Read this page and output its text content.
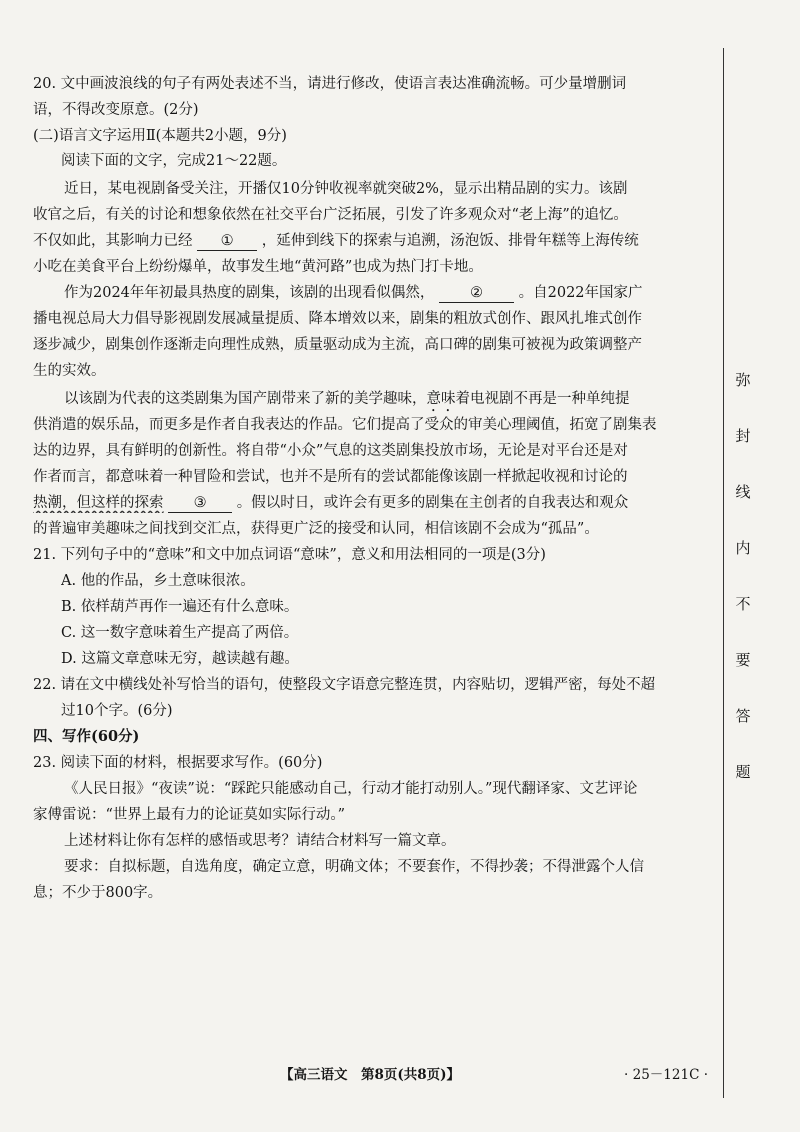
20. 文中画波浪线的句子有两处表述不当，请进行修改，使语言表达准确流畅。可少量增删词
语，不得改变原意。(2分)
(二)语言文字运用Ⅱ(本题共2小题，9分)
阅读下面的文字，完成21～22题。
近日，某电视剧备受关注，开播仅10分钟收视率就突破2%，显示出精品剧的实力。该剧
收官之后，有关的讨论和想象依然在社交平台广泛拓展，引发了许多观众对“老上海”的追忆。
不仅如此，其影响力已经 ① ，延伸到线下的探索与追溯，汤泡饭、排骨年糕等上海传统
小吃在美食平台上纷纷爆单，故事发生地“黄河路”也成为热门打卡地。
作为2024年年初最具热度的剧集，该剧的出现看似偶然， ② 。自2022年国家广
播电视总局大力倡导影视剧发展减量提质、降本增效以来，剧集的粗放式创作、跟风扎堆式创作
逐步减少，剧集创作逐渐走向理性成熟，质量驱动成为主流，高口碑的剧集可被视为政策调整产
生的实效。
以该剧为代表的这类剧集为国产剧带来了新的美学趣味，意味着电视剧不再是一种单纯提
供消遣的娱乐品，而更多是作者自我表达的作品。它们提高了受众的审美心理阈值，拓宽了剧集表
达的边界，具有鲜明的创新性。将自带“小众”气息的这类剧集投放市场，无论是对平台还是对
作者而言，都意味着一种冒险和尝试，也并不是所有的尝试都能像该剧一样掀起收视和讨论的
热潮，但这样的探索 ③ 。假以时日，或许会有更多的剧集在主创者的自我表达和观众
的普遍审美趣味之间找到交汇点，获得更广泛的接受和认同，相信该剧不会成为“孤品”。
21. 下列句子中的“意味”和文中加点词语“意味”，意义和用法相同的一项是(3分)
A. 他的作品，乡土意味很浓。
B. 依样葫芦再作一遍还有什么意味。
C. 这一数字意味着生产提高了两倍。
D. 这篇文章意味无穷，越读越有趣。
22. 请在文中横线处补写恰当的语句，使整段文字语意完整连贯，内容贴切，逻辑严密，每处不超
过10个字。(6分)
四、写作(60分)
23. 阅读下面的材料，根据要求写作。(60分)
《人民日报》“夜读”说：“踩跎只能感动自己，行动才能打动别人。”现代翻译家、文艺评论
家傅雷说：“世界上最有力的论证莫如实际行动。”
上述材料让你有怎样的感悟或思考？请结合材料写一篇文章。
要求：自拟标题，自选角度，确定立意，明确文体；不要套作，不得抄袭；不得泄露个人信
息；不少于800字。
弥
封
线
内
不
要
答
题
【高三语文　第8页(共8页)】	· 25－121C ·
